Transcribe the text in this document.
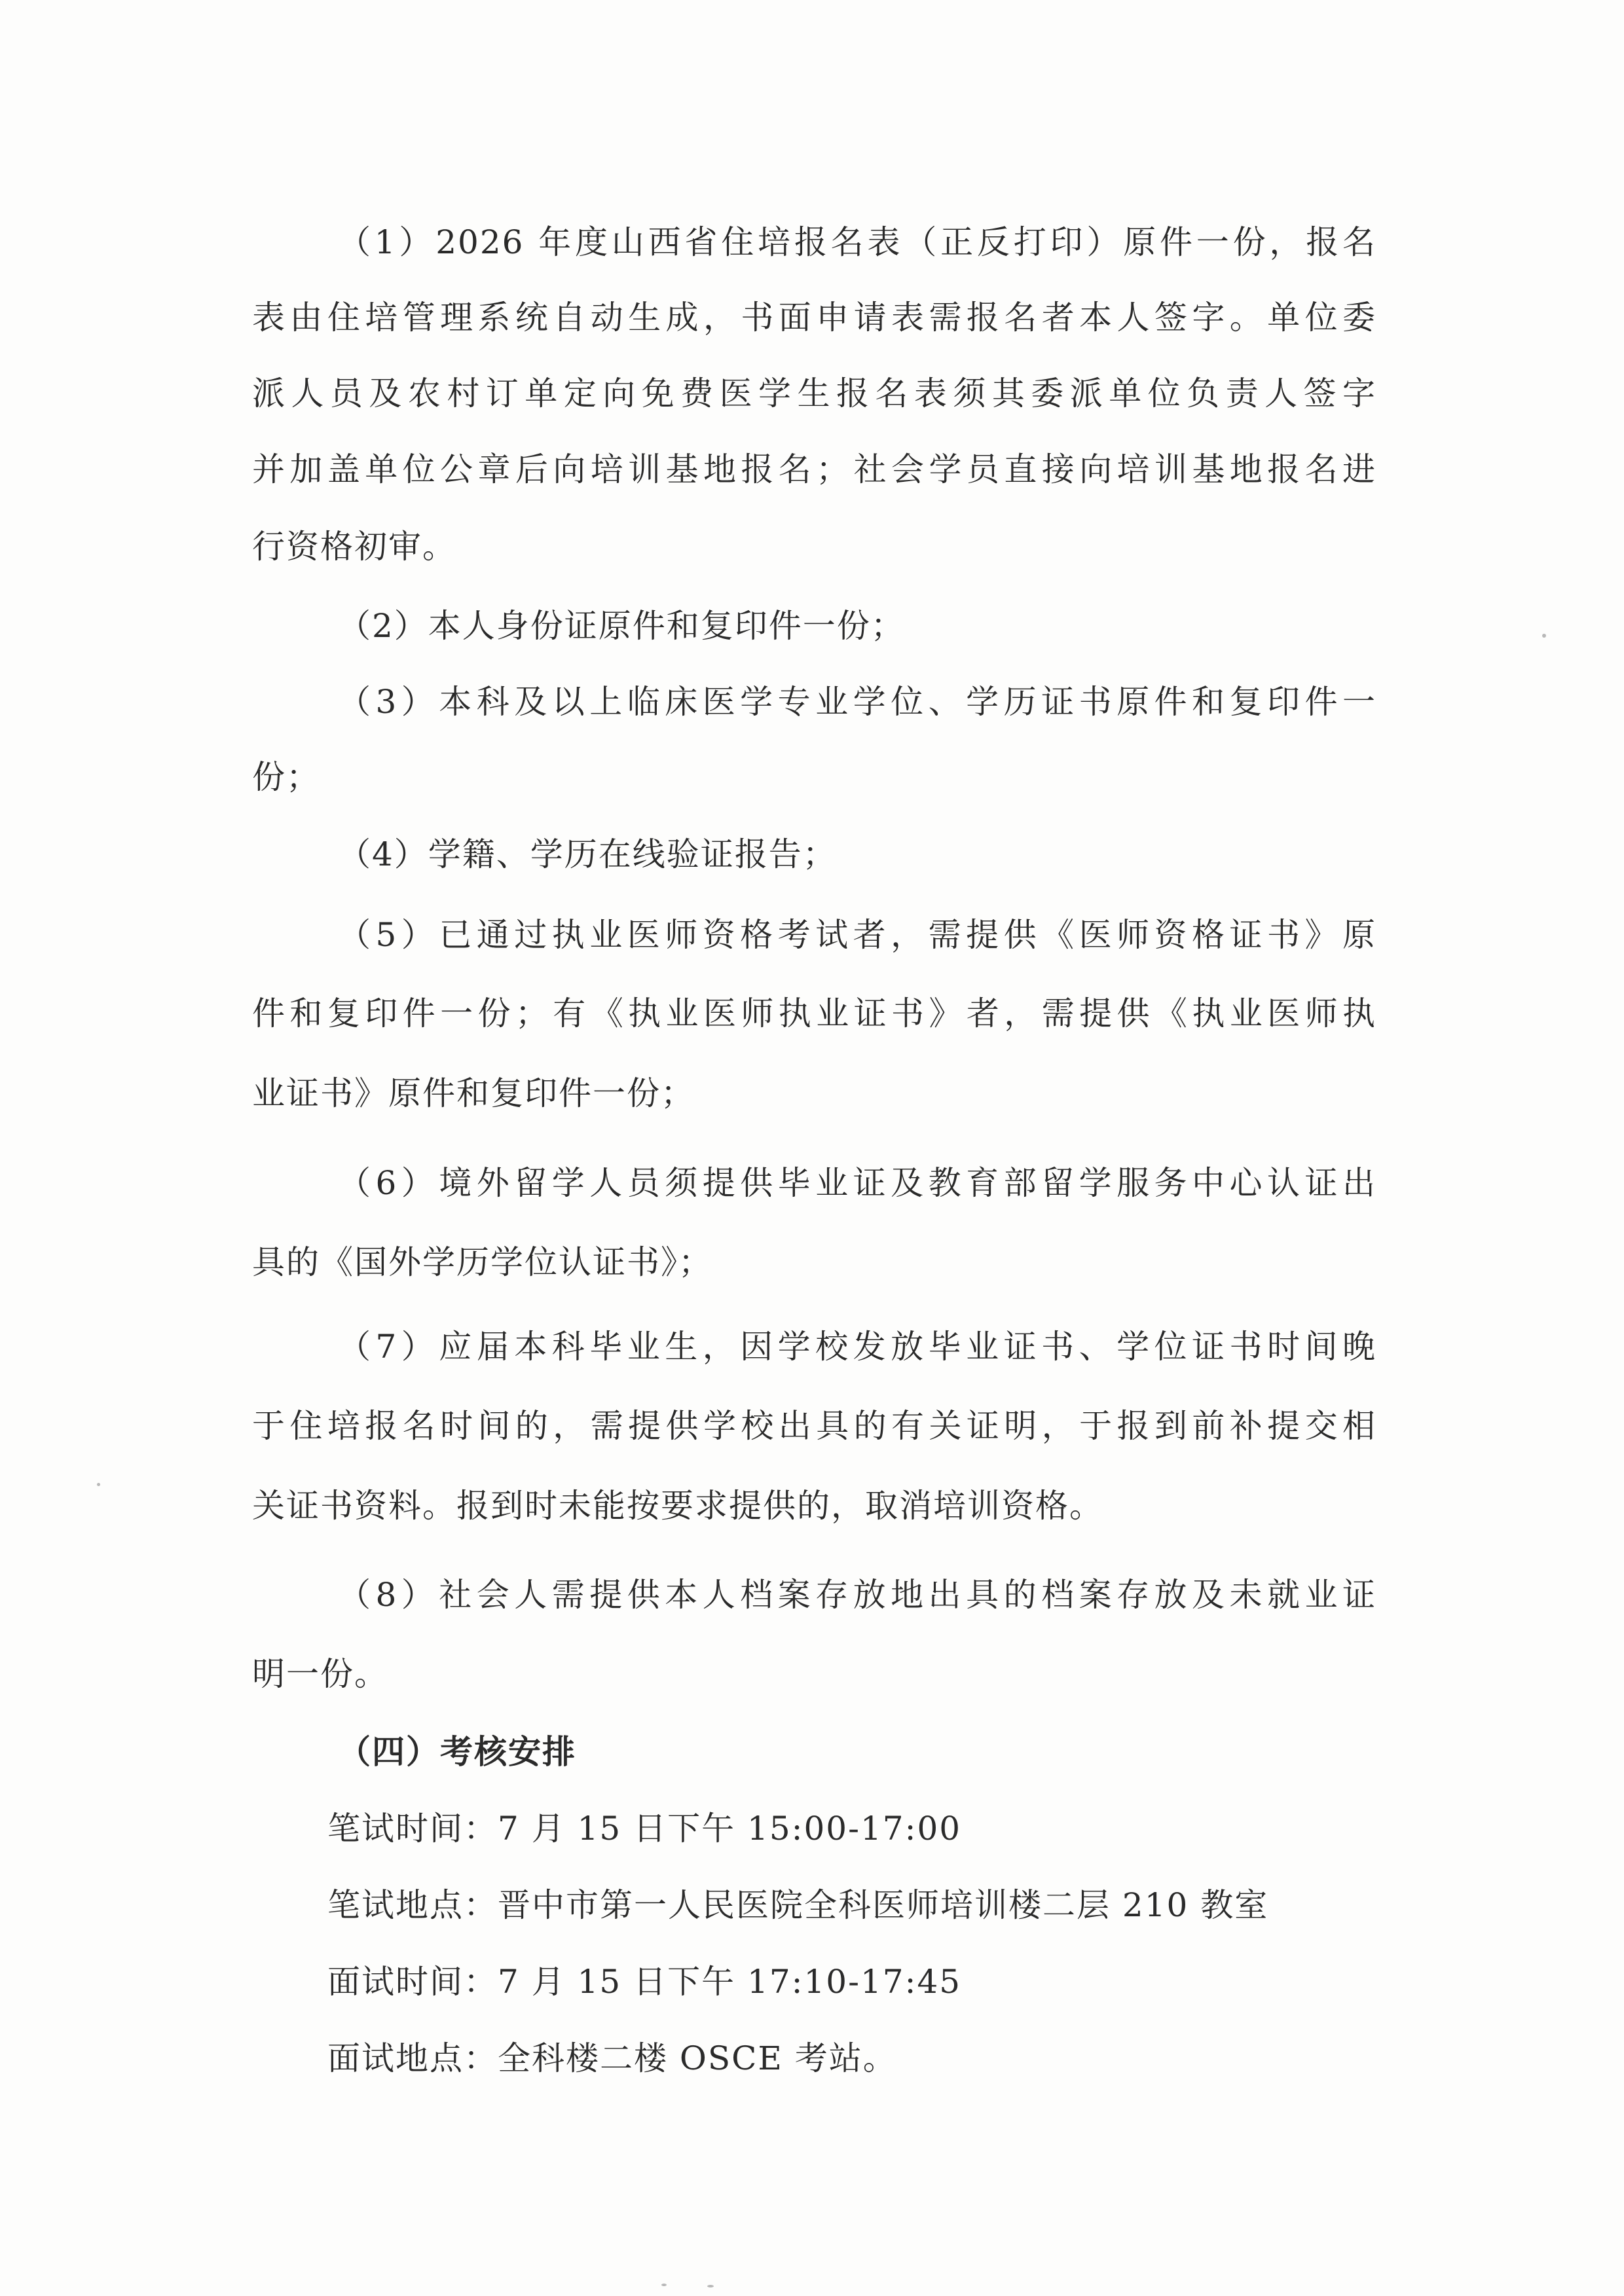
（1）2026 年度山西省住培报名表（正反打印）原件一份，报名
表由住培管理系统自动生成，书面申请表需报名者本人签字。单位委
派人员及农村订单定向免费医学生报名表须其委派单位负责人签字
并加盖单位公章后向培训基地报名；社会学员直接向培训基地报名进
行资格初审。
（2）本人身份证原件和复印件一份；
（3）本科及以上临床医学专业学位、学历证书原件和复印件一
份；
（4）学籍、学历在线验证报告；
（5）已通过执业医师资格考试者，需提供《医师资格证书》原
件和复印件一份；有《执业医师执业证书》者，需提供《执业医师执
业证书》原件和复印件一份；
（6）境外留学人员须提供毕业证及教育部留学服务中心认证出
具的《国外学历学位认证书》；
（7）应届本科毕业生，因学校发放毕业证书、学位证书时间晚
于住培报名时间的，需提供学校出具的有关证明，于报到前补提交相
关证书资料。报到时未能按要求提供的，取消培训资格。
（8）社会人需提供本人档案存放地出具的档案存放及未就业证
明一份。
（四）考核安排
笔试时间：7 月 15 日下午 15:00-17:00
笔试地点：晋中市第一人民医院全科医师培训楼二层 210 教室
面试时间：7 月 15 日下午 17:10-17:45
面试地点：全科楼二楼 OSCE 考站。
